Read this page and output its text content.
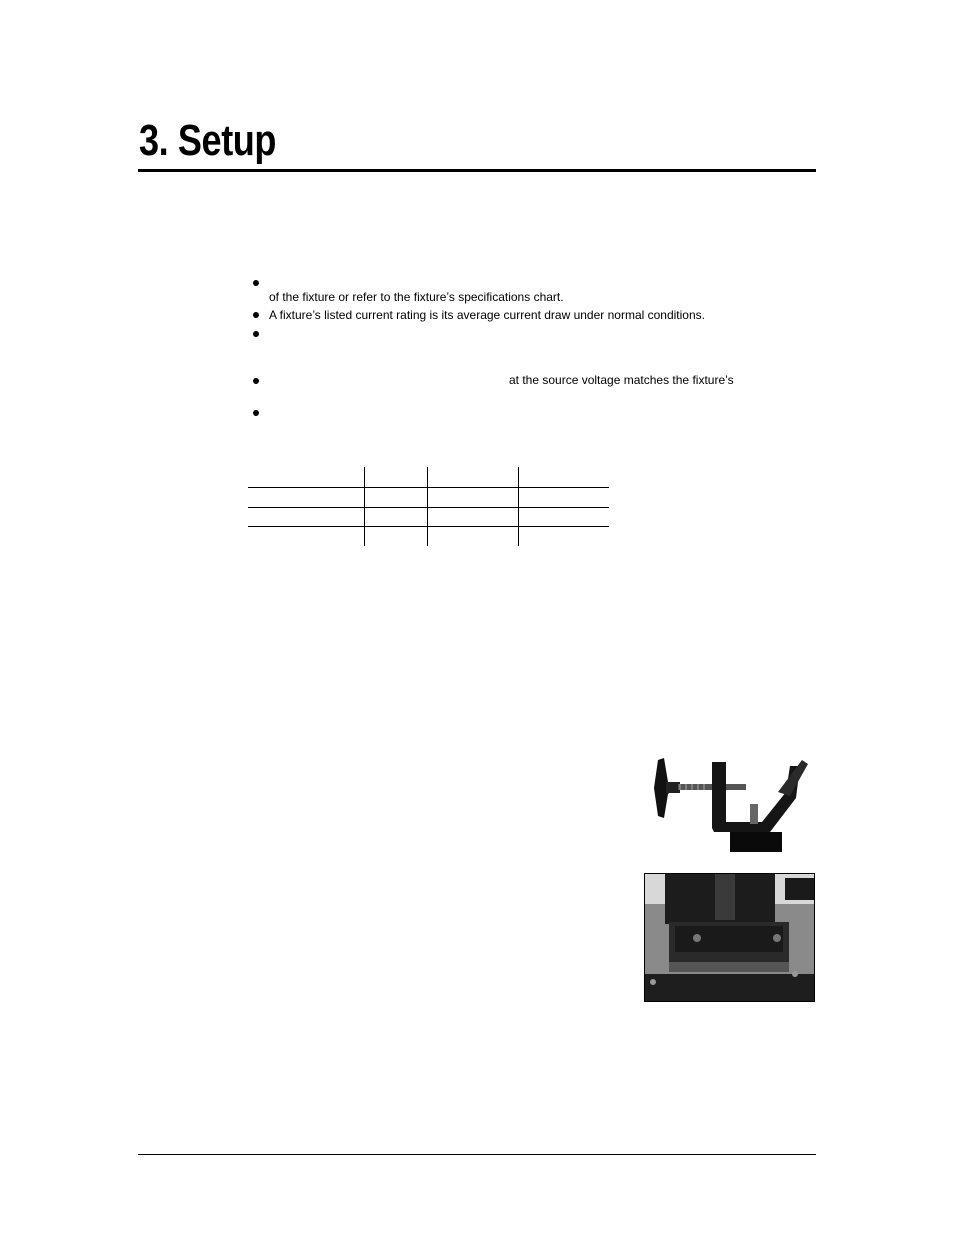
3. Setup
of the fixture or refer to the fixture’s specifications chart.
A fixture’s listed current rating is its average current draw under normal conditions.
at the source voltage matches the fixture’s
